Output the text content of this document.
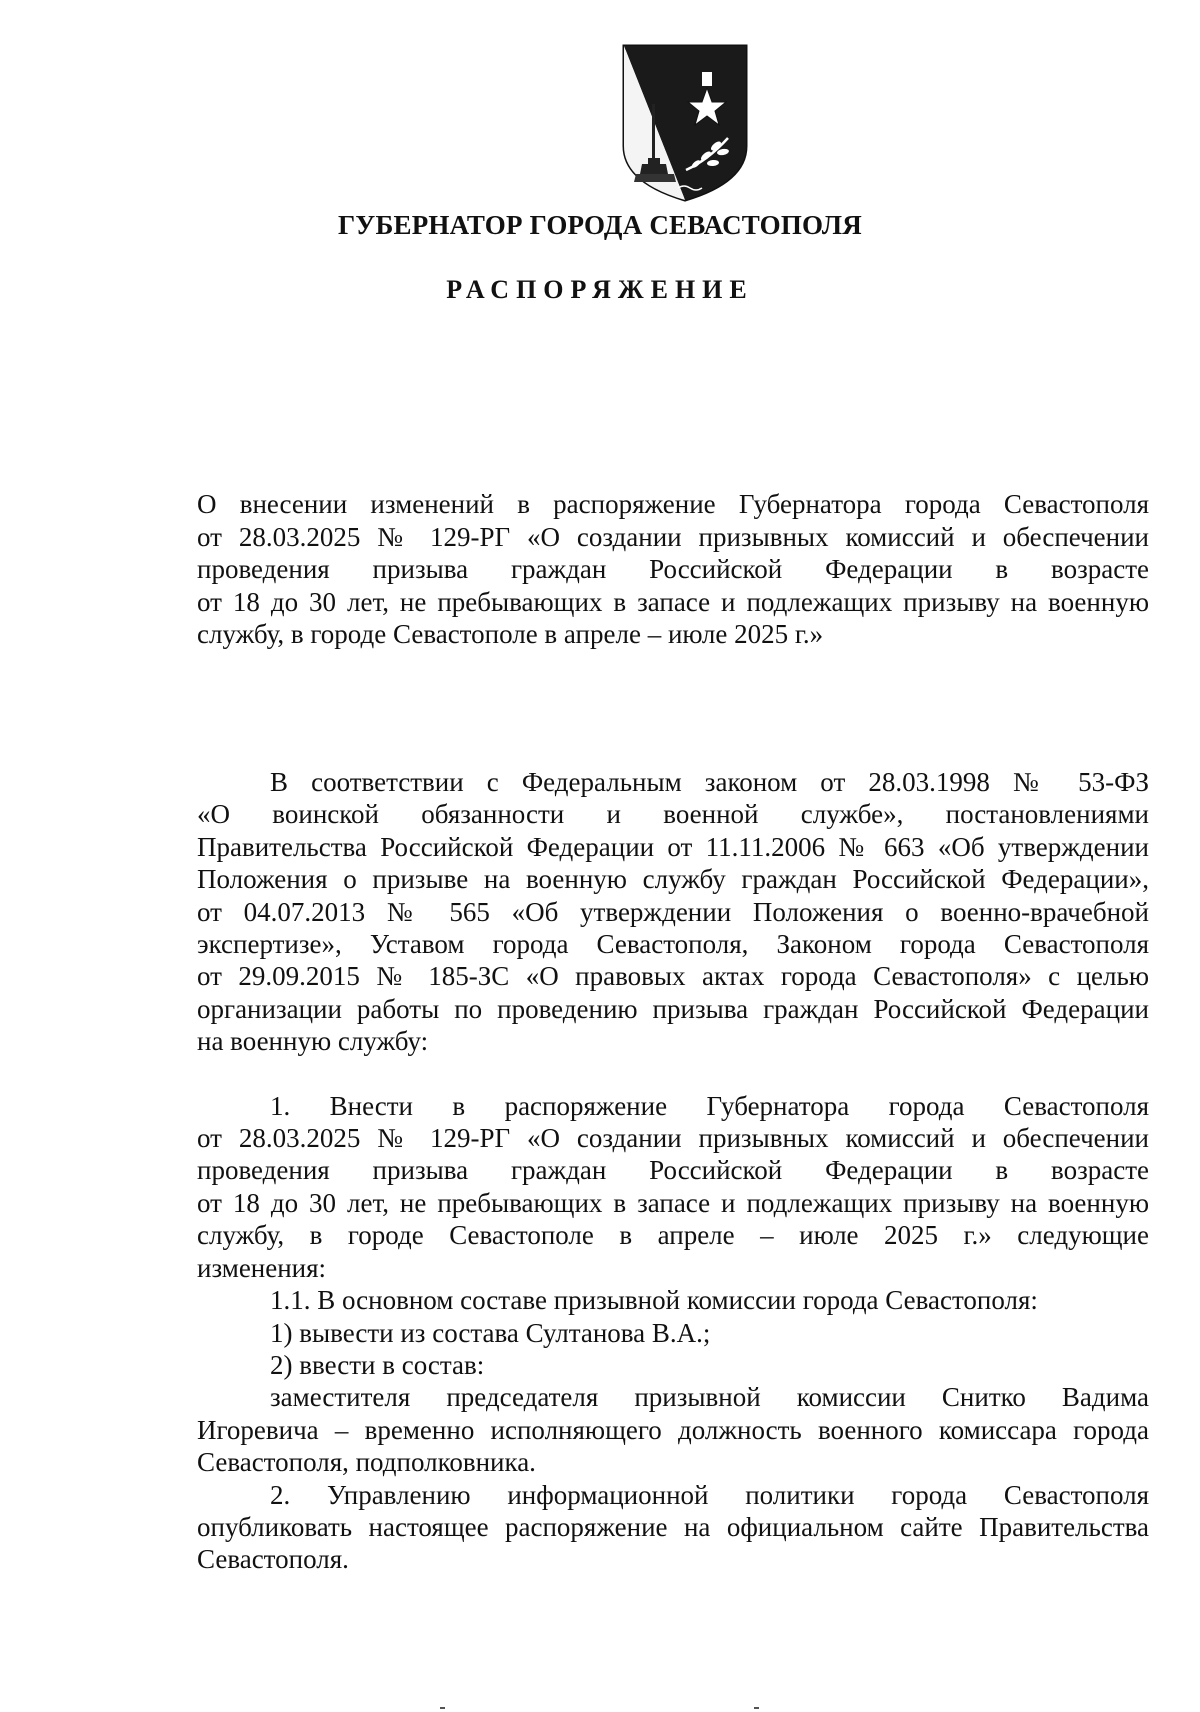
ГУБЕРНАТОР ГОРОДА СЕВАСТОПОЛЯ
РАСПОРЯЖЕНИЕ
О внесении изменений в распоряжение Губернатора города Севастополя
от 28.03.2025 № 129-РГ «О создании призывных комиссий и обеспечении
проведения призыва граждан Российской Федерации в возрасте
от 18 до 30 лет, не пребывающих в запасе и подлежащих призыву на военную
службу, в городе Севастополе в апреле – июле 2025 г.»
В соответствии с Федеральным законом от 28.03.1998 № 53-ФЗ
«О воинской обязанности и военной службе», постановлениями
Правительства Российской Федерации от 11.11.2006 № 663 «Об утверждении
Положения о призыве на военную службу граждан Российской Федерации»,
от 04.07.2013 № 565 «Об утверждении Положения о военно-врачебной
экспертизе», Уставом города Севастополя, Законом города Севастополя
от 29.09.2015 № 185-ЗС «О правовых актах города Севастополя» с целью
организации работы по проведению призыва граждан Российской Федерации
на военную службу:
1. Внести в распоряжение Губернатора города Севастополя
от 28.03.2025 № 129-РГ «О создании призывных комиссий и обеспечении
проведения призыва граждан Российской Федерации в возрасте
от 18 до 30 лет, не пребывающих в запасе и подлежащих призыву на военную
службу, в городе Севастополе в апреле – июле 2025 г.» следующие
изменения:
1.1. В основном составе призывной комиссии города Севастополя:
1) вывести из состава Султанова В.А.;
2) ввести в состав:
заместителя председателя призывной комиссии Снитко Вадима
Игоревича – временно исполняющего должность военного комиссара города
Севастополя, подполковника.
2. Управлению информационной политики города Севастополя
опубликовать настоящее распоряжение на официальном сайте Правительства
Севастополя.
